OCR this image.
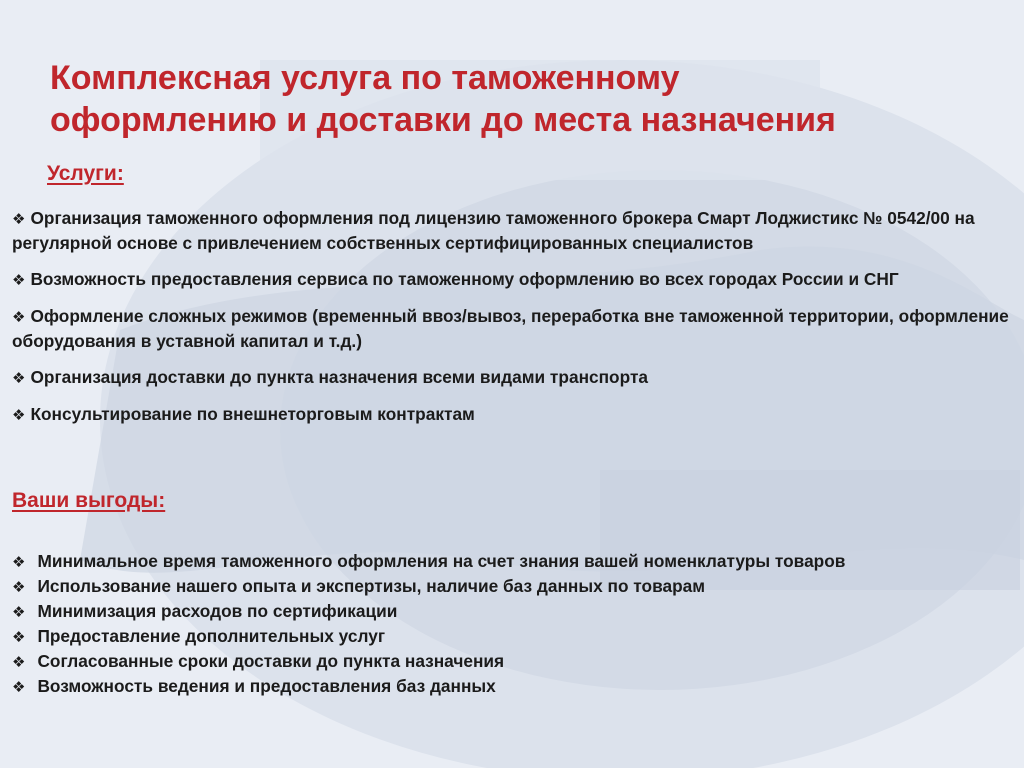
Комплексная услуга по таможенному
оформлению и доставки до места назначения
Услуги:
❖ Организация таможенного оформления под лицензию таможенного брокера Смарт Лоджистикс № 0542/00 на регулярной основе с привлечением собственных сертифицированных специалистов
❖ Возможность предоставления сервиса по таможенному оформлению во всех городах России и СНГ
❖ Оформление сложных режимов (временный ввоз/вывоз, переработка вне таможенной территории, оформление оборудования в уставной капитал и т.д.)
❖ Организация доставки до пункта назначения всеми видами транспорта
❖ Консультирование по внешнеторговым контрактам
Ваши выгоды:
❖ Минимальное время таможенного оформления на счет знания вашей номенклатуры товаров
❖ Использование нашего опыта и экспертизы, наличие баз данных по товарам
❖ Минимизация расходов по сертификации
❖ Предоставление дополнительных услуг
❖ Согласованные сроки доставки до пункта назначения
❖ Возможность ведения и предоставления баз данных
